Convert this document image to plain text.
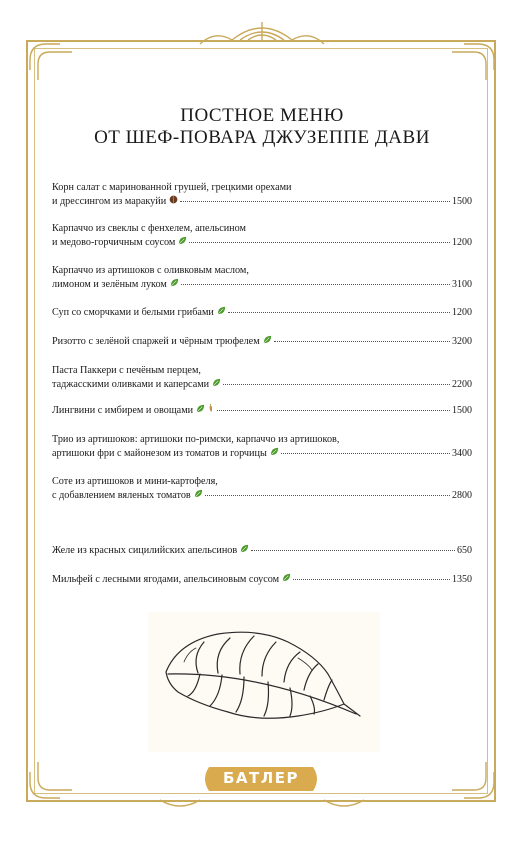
ПОСТНОЕ МЕНЮ
ОТ ШЕФ-ПОВАРА ДЖУЗЕППЕ ДАВИ
Корн салат с маринованной грушей, грецкими орехами
и дрессингом из маракуйи	1500
Карпаччо из свеклы с фенхелем, апельсином
и медово-горчичным соусом	1200
Карпаччо из артишоков с оливковым маслом,
лимоном и зелёным луком	3100
Суп со сморчками и белыми грибами	1200
Ризотто с зелёной спаржей и чёрным трюфелем	3200
Паста Паккери с печёным перцем,
таджасскими оливками и каперсами	2200
Лингвини с имбирем и овощами	1500
Трио из артишоков: артишоки по-римски, карпаччо из артишоков,
артишоки фри с майонезом из томатов и горчицы	3400
Соте из артишоков и мини-картофеля,
с добавлением вяленых томатов	2800
Желе из красных сицилийских апельсинов	650
Мильфей с лесными ягодами, апельсиновым соусом	1350
БАТЛЕР
